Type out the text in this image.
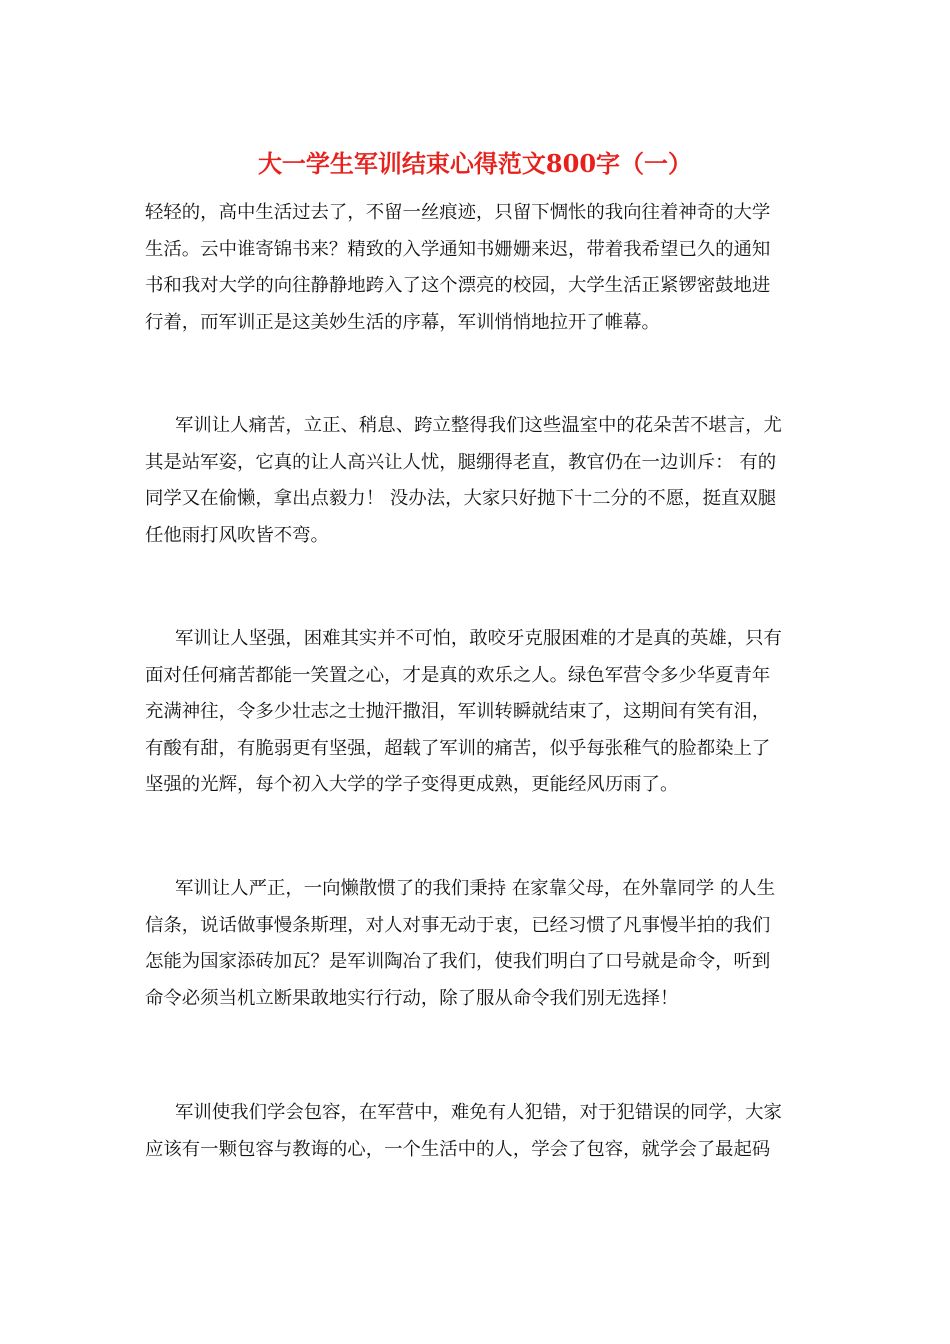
大一学生军训结束心得范文800字（一）

轻轻的，高中生活过去了，不留一丝痕迹，只留下惆怅的我向往着神奇的大学
生活。云中谁寄锦书来？精致的入学通知书姗姗来迟，带着我希望已久的通知
书和我对大学的向往静静地跨入了这个漂亮的校园，大学生活正紧锣密鼓地进
行着，而军训正是这美妙生活的序幕，军训悄悄地拉开了帷幕。

军训让人痛苦，立正、稍息、跨立整得我们这些温室中的花朵苦不堪言，尤
其是站军姿，它真的让人高兴让人忧，腿绷得老直，教官仍在一边训斥： 有的
同学又在偷懒，拿出点毅力！ 没办法，大家只好抛下十二分的不愿，挺直双腿
任他雨打风吹皆不弯。

军训让人坚强，困难其实并不可怕，敢咬牙克服困难的才是真的英雄，只有
面对任何痛苦都能一笑置之心，才是真的欢乐之人。绿色军营令多少华夏青年
充满神往，令多少壮志之士抛汗撒泪，军训转瞬就结束了，这期间有笑有泪，
有酸有甜，有脆弱更有坚强，超载了军训的痛苦，似乎每张稚气的脸都染上了
坚强的光辉，每个初入大学的学子变得更成熟，更能经风历雨了。

军训让人严正，一向懒散惯了的我们秉持 在家靠父母，在外靠同学 的人生
信条，说话做事慢条斯理，对人对事无动于衷，已经习惯了凡事慢半拍的我们
怎能为国家添砖加瓦？是军训陶冶了我们，使我们明白了口号就是命令，听到
命令必须当机立断果敢地实行行动，除了服从命令我们别无选择！

军训使我们学会包容，在军营中，难免有人犯错，对于犯错误的同学，大家
应该有一颗包容与教诲的心，一个生活中的人，学会了包容，就学会了最起码
